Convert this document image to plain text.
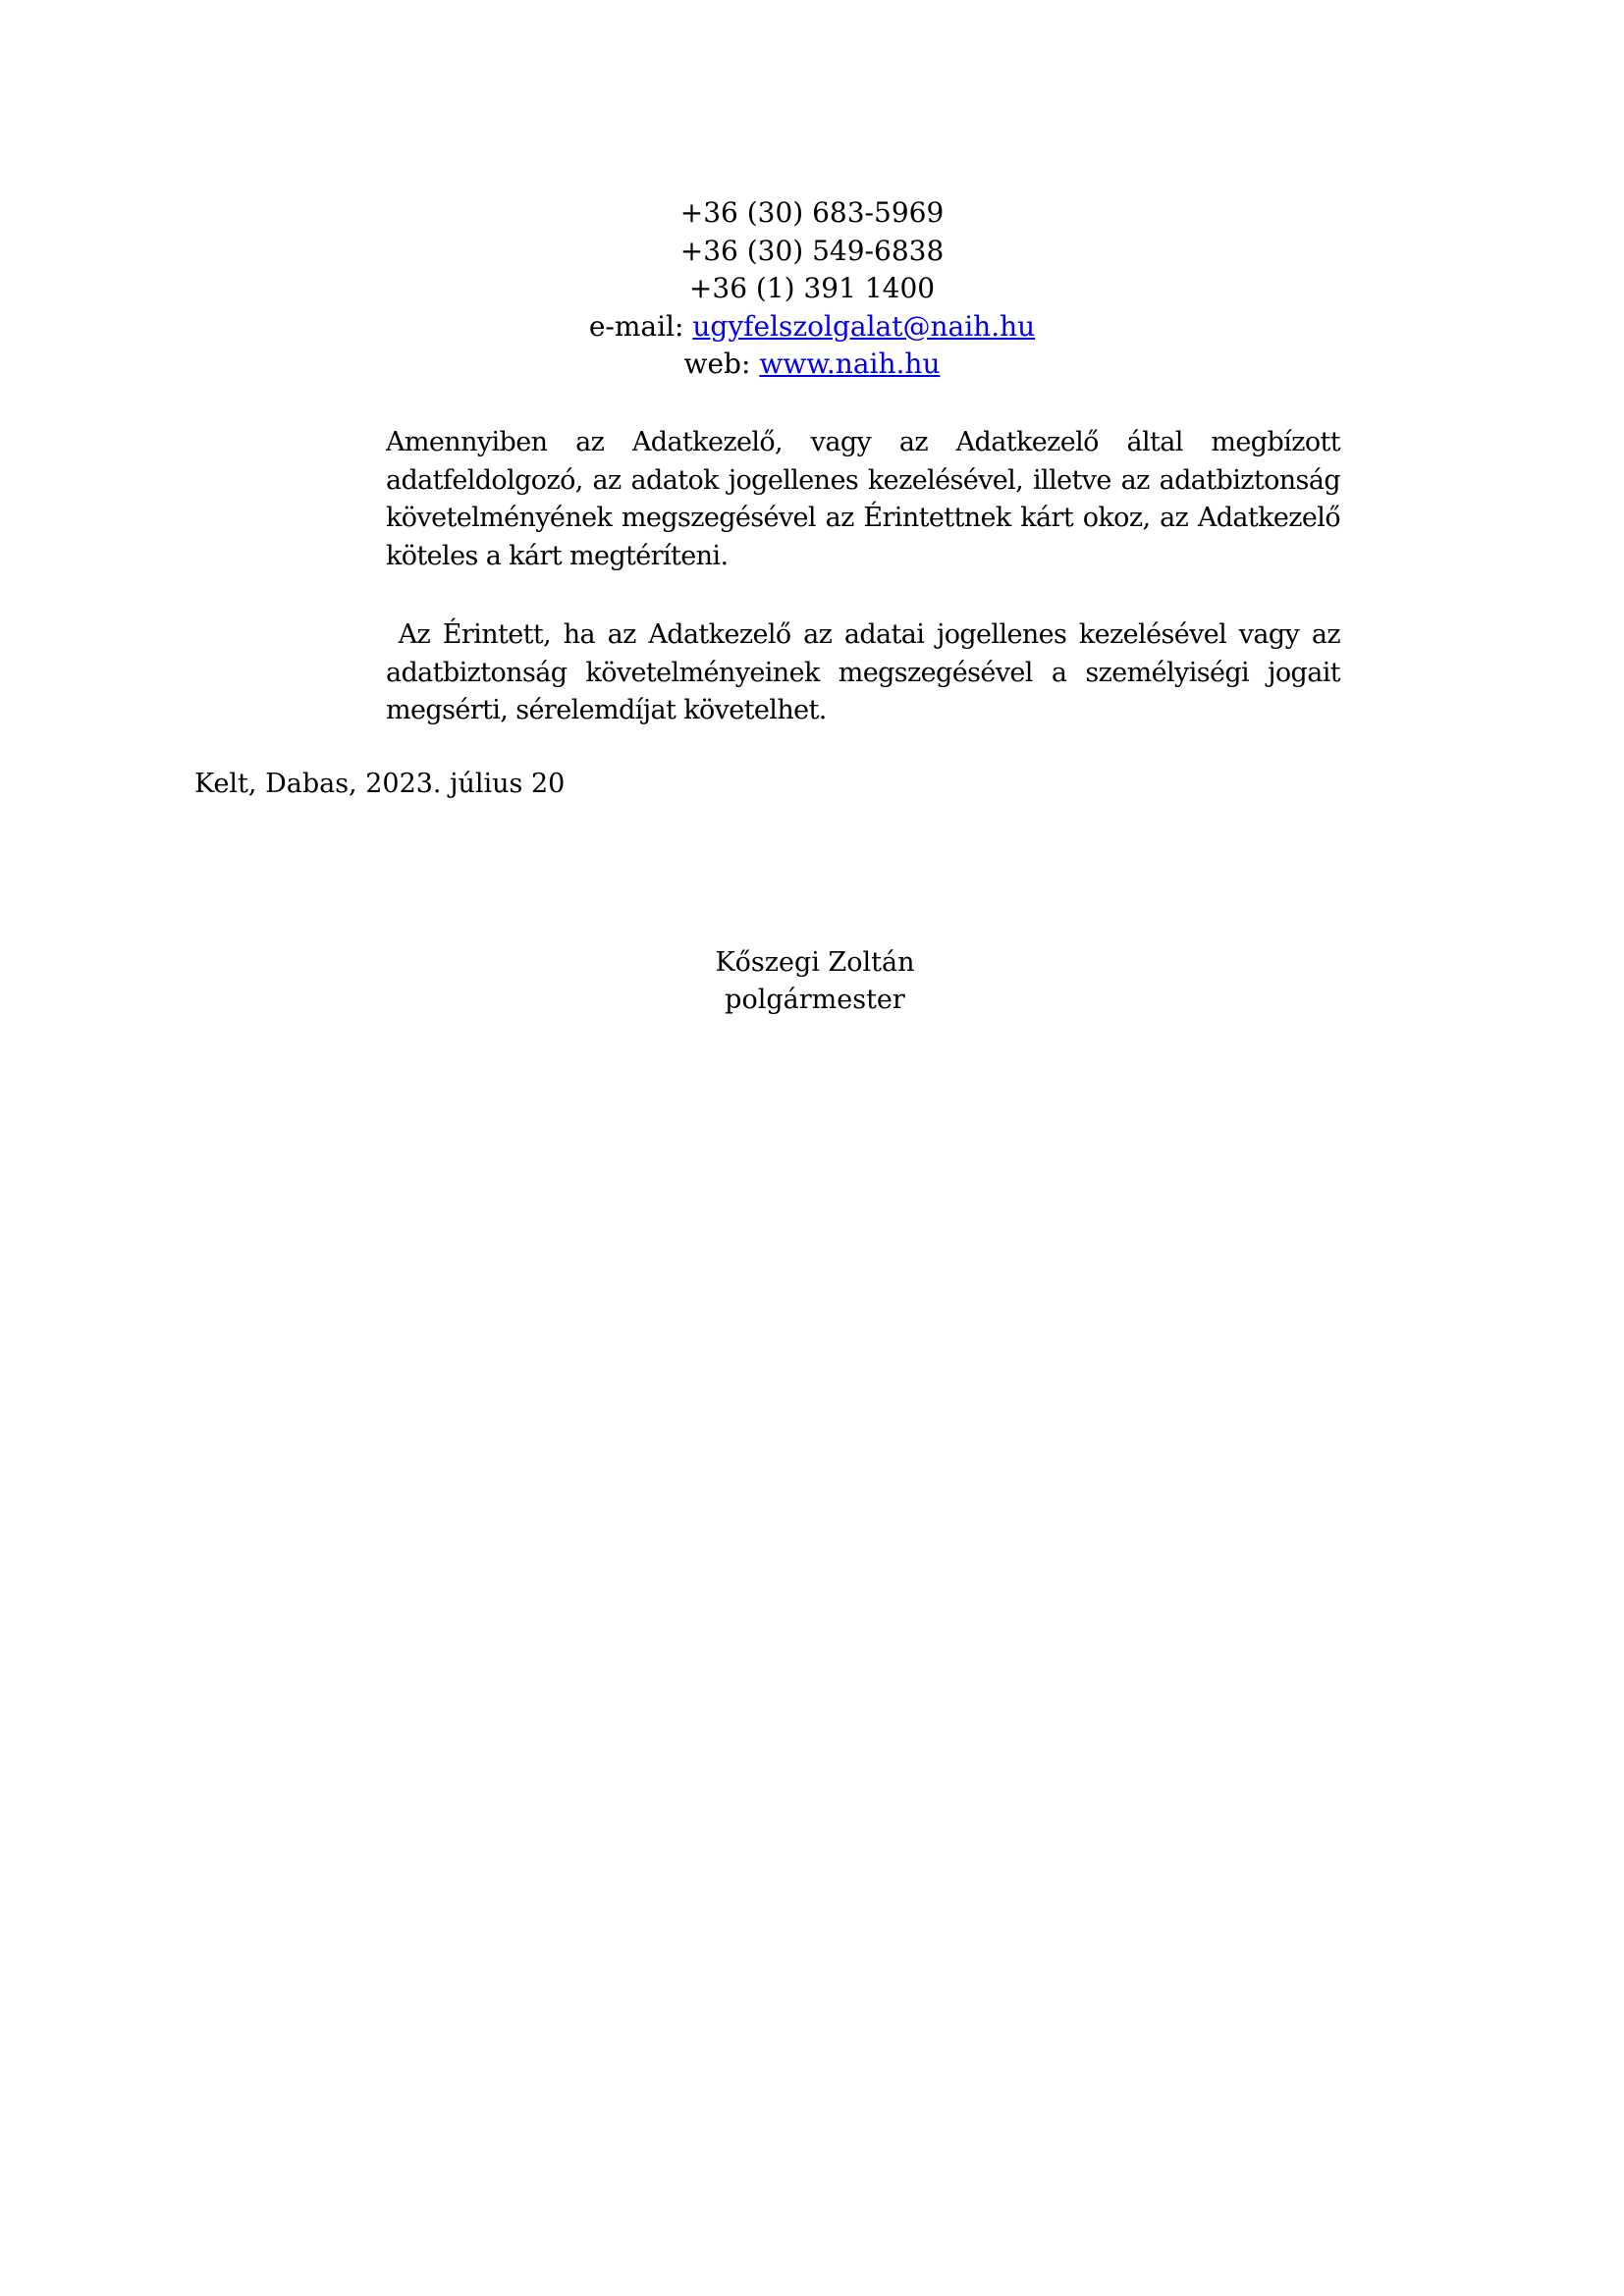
+36 (30) 683-5969
+36 (30) 549-6838
+36 (1) 391 1400
e-mail: ugyfelszolgalat@naih.hu
web: www.naih.hu

Amennyiben az Adatkezelő, vagy az Adatkezelő által megbízott adatfeldolgozó, az adatok jogellenes kezelésével, illetve az adatbiztonság követelményének megszegésével az Érintettnek kárt okoz, az Adatkezelő köteles a kárt megtéríteni.

Az Érintett, ha az Adatkezelő az adatai jogellenes kezelésével vagy az adatbiztonság követelményeinek megszegésével a személyiségi jogait megsérti, sérelemdíjat követelhet.

Kelt, Dabas, 2023. július 20
Kőszegi Zoltán
polgármester
